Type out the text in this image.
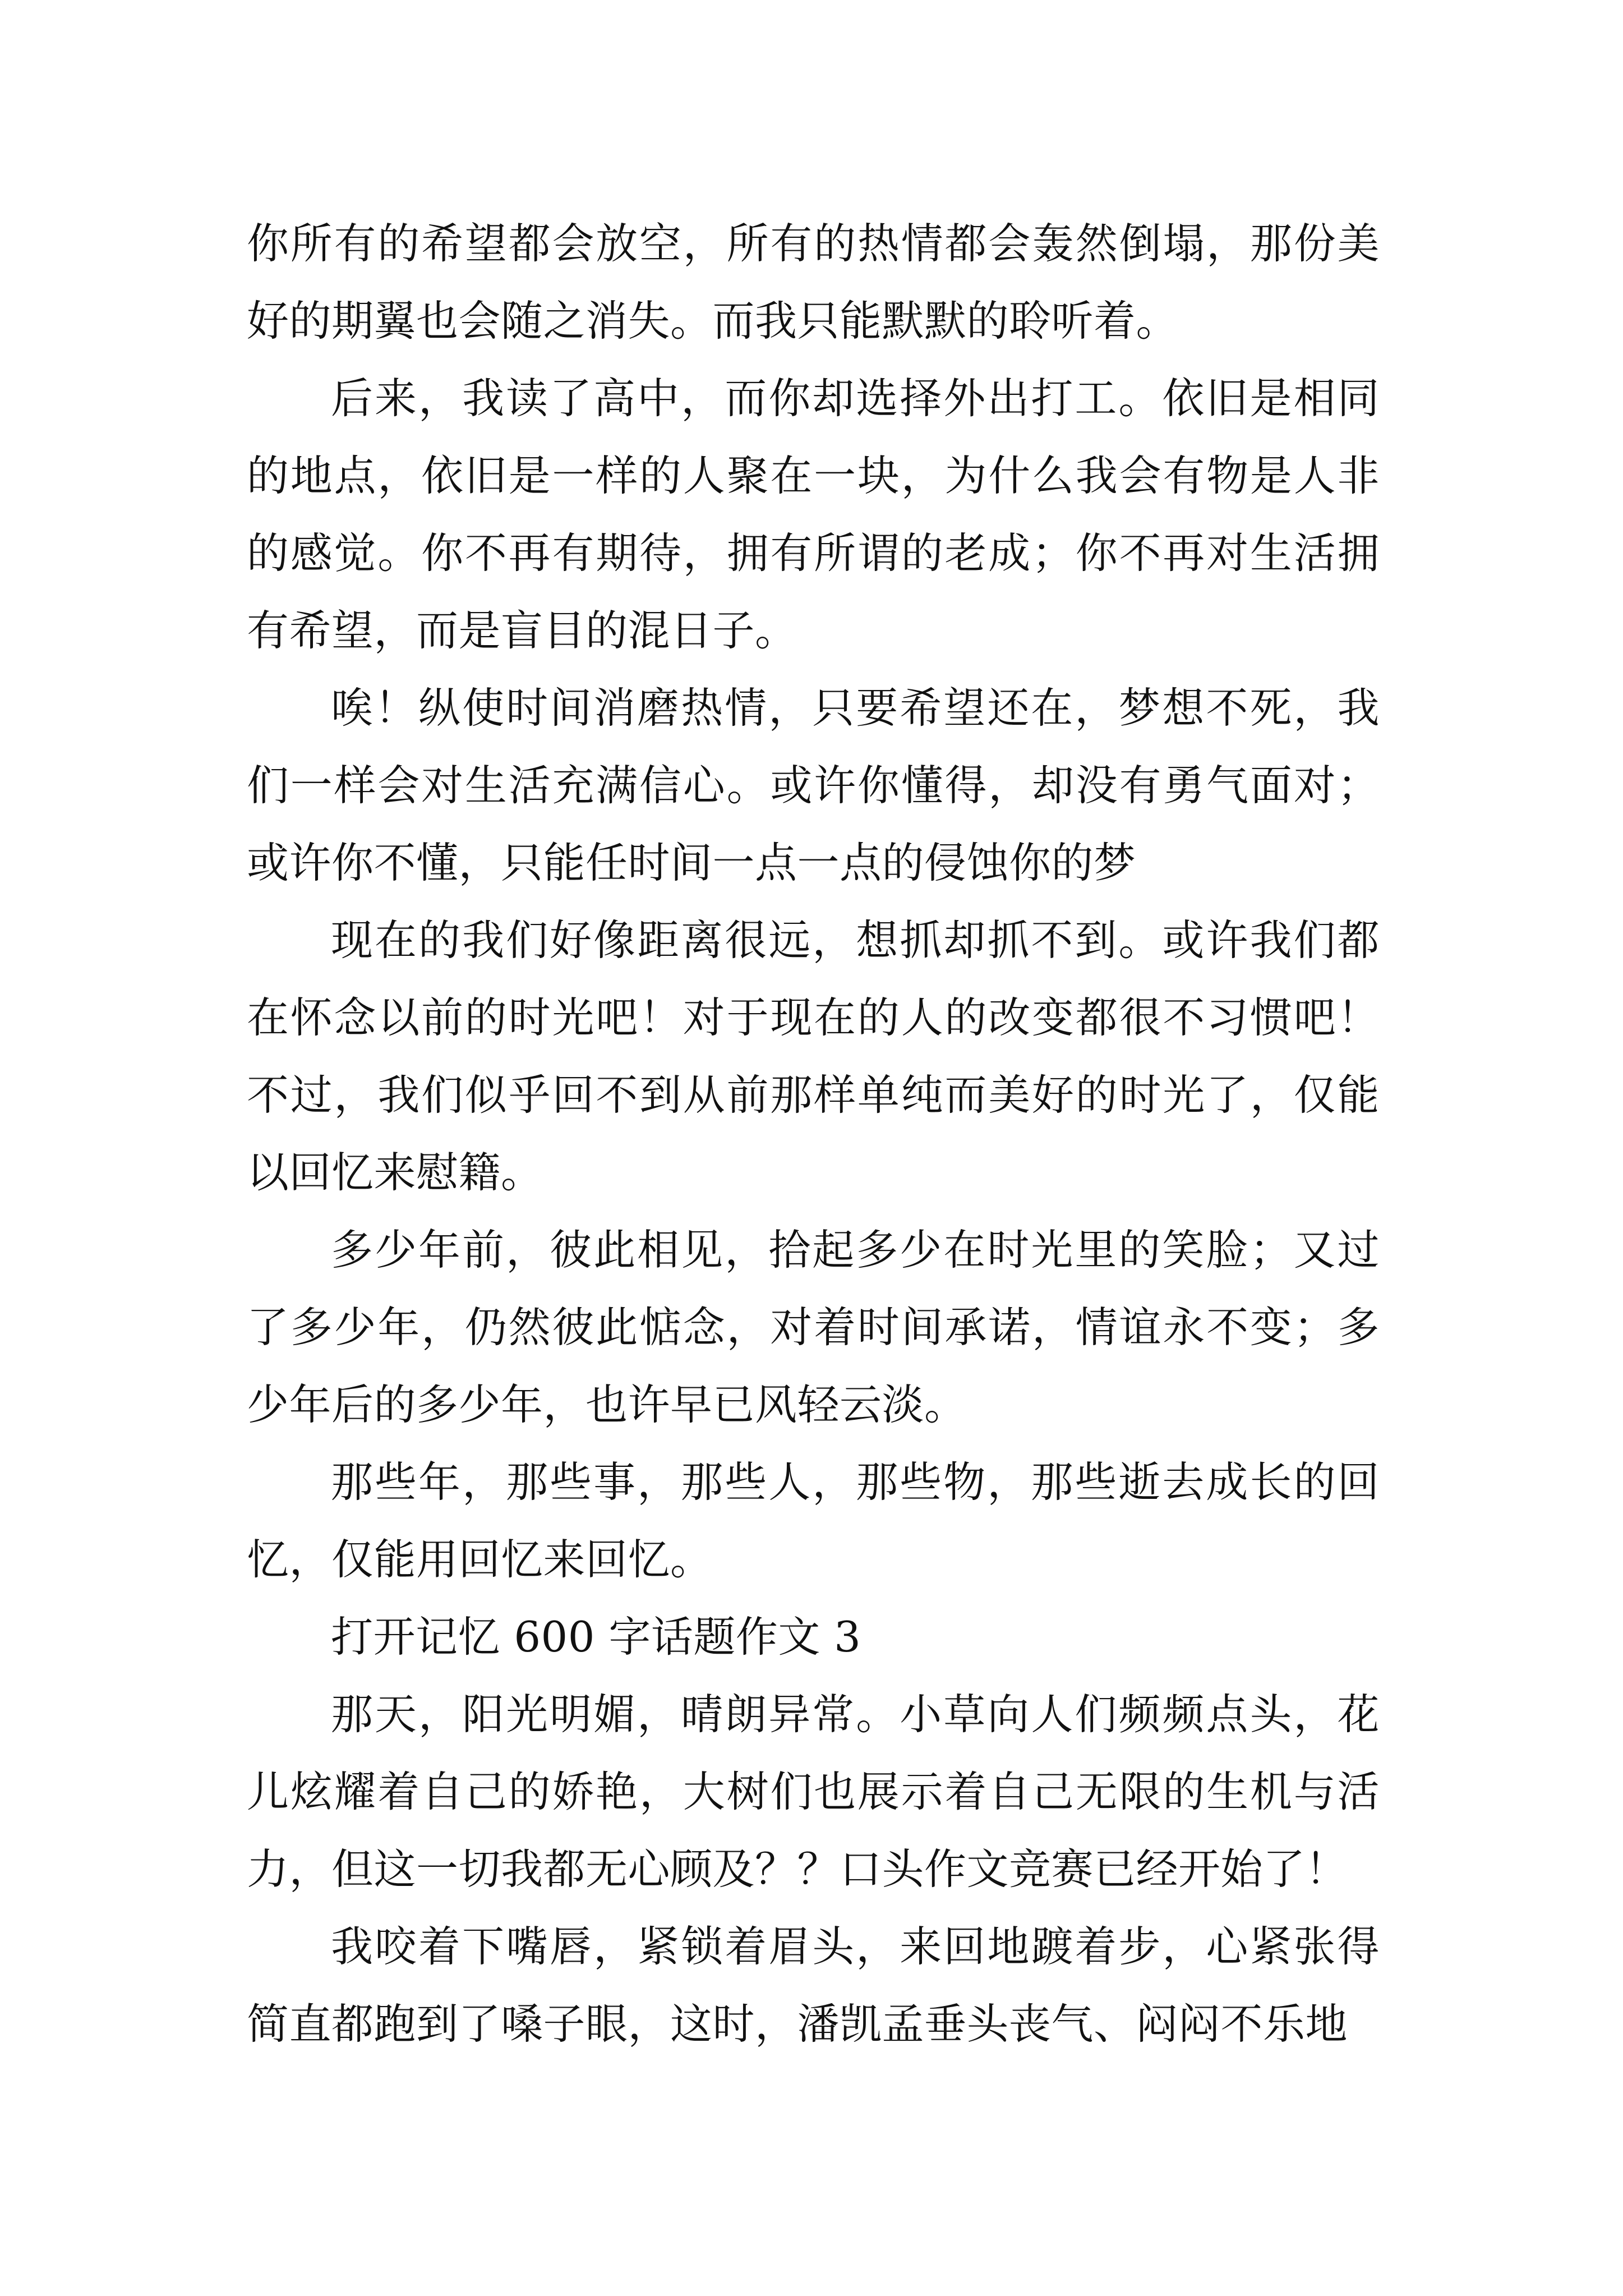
你所有的希望都会放空，所有的热情都会轰然倒塌，那份美好的期翼也会随之消失。而我只能默默的聆听着。

后来，我读了高中，而你却选择外出打工。依旧是相同的地点，依旧是一样的人聚在一块，为什么我会有物是人非的感觉。你不再有期待，拥有所谓的老成；你不再对生活拥有希望，而是盲目的混日子。

唉！纵使时间消磨热情，只要希望还在，梦想不死，我们一样会对生活充满信心。或许你懂得，却没有勇气面对；或许你不懂，只能任时间一点一点的侵蚀你的梦

现在的我们好像距离很远，想抓却抓不到。或许我们都在怀念以前的时光吧！对于现在的人的改变都很不习惯吧！不过，我们似乎回不到从前那样单纯而美好的时光了，仅能以回忆来慰籍。

多少年前，彼此相见，拾起多少在时光里的笑脸；又过了多少年，仍然彼此惦念，对着时间承诺，情谊永不变；多少年后的多少年，也许早已风轻云淡。

那些年，那些事，那些人，那些物，那些逝去成长的回忆，仅能用回忆来回忆。

打开记忆 600 字话题作文 3

那天，阳光明媚，晴朗异常。小草向人们频频点头，花儿炫耀着自己的娇艳，大树们也展示着自己无限的生机与活力，但这一切我都无心顾及？？口头作文竞赛已经开始了！

我咬着下嘴唇，紧锁着眉头，来回地踱着步，心紧张得简直都跑到了嗓子眼，这时，潘凯孟垂头丧气、闷闷不乐地
